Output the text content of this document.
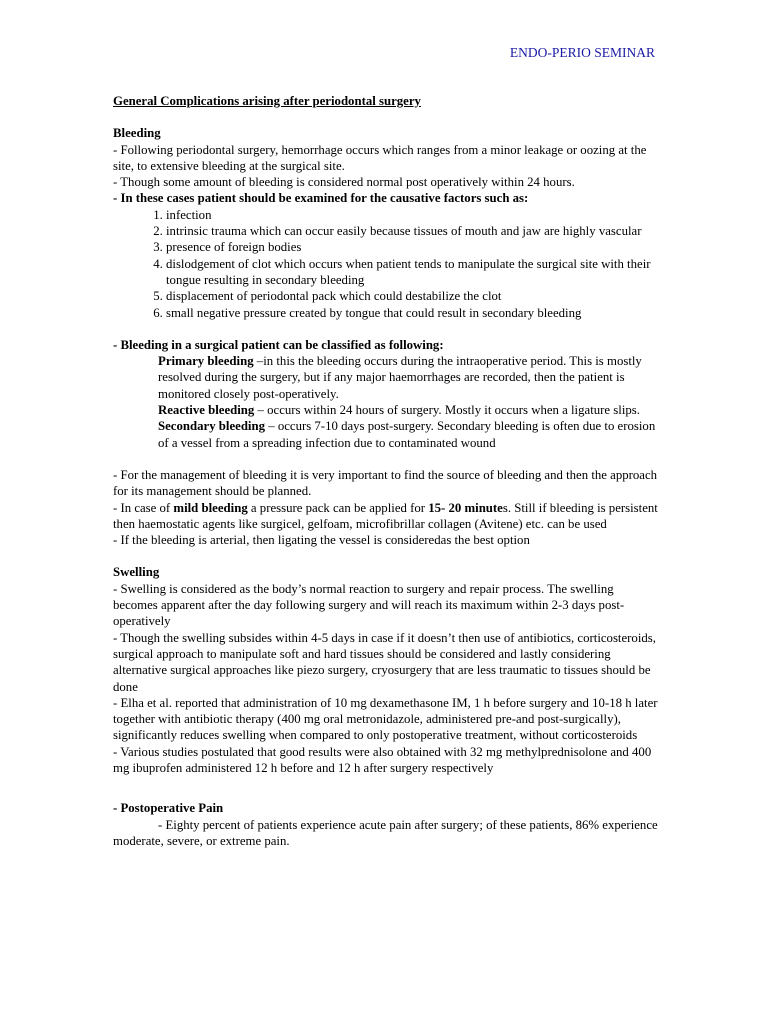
ENDO-PERIO SEMINAR
General Complications arising after periodontal surgery
Bleeding

- Following periodontal surgery, hemorrhage occurs which ranges from a minor leakage or oozing at the site, to extensive bleeding at the surgical site.

- Though some amount of bleeding is considered normal post operatively within 24 hours.

- In these cases patient should be examined for the causative factors such as:

1. infection
2. intrinsic trauma which can occur easily because tissues of mouth and jaw are highly vascular
3. presence of foreign bodies
4. dislodgement of clot which occurs when patient tends to manipulate the surgical site with their tongue resulting in secondary bleeding
5. displacement of periodontal pack which could destabilize the clot
6. small negative pressure created by tongue that could result in secondary bleeding

- Bleeding in a surgical patient can be classified as following:

Primary bleeding –in this the bleeding occurs during the intraoperative period. This is mostly resolved during the surgery, but if any major haemorrhages are recorded, then the patient is monitored closely post-operatively.

Reactive bleeding – occurs within 24 hours of surgery. Mostly it occurs when a ligature slips.

Secondary bleeding – occurs 7-10 days post-surgery. Secondary bleeding is often due to erosion of a vessel from a spreading infection due to contaminated wound

- For the management of bleeding it is very important to find the source of bleeding and then the approach for its management should be planned.

- In case of mild bleeding a pressure pack can be applied for 15- 20 minutes. Still if bleeding is persistent then haemostatic agents like surgicel, gelfoam, microfibrillar collagen (Avitene) etc. can be used

- If the bleeding is arterial, then ligating the vessel is consideredas the best option

Swelling

- Swelling is considered as the body’s normal reaction to surgery and repair process. The swelling becomes apparent after the day following surgery and will reach its maximum within 2-3 days post-operatively

- Though the swelling subsides within 4-5 days in case if it doesn’t then use of antibiotics, corticosteroids, surgical approach to manipulate soft and hard tissues should be considered and lastly considering alternative surgical approaches like piezo surgery, cryosurgery that are less traumatic to tissues should be done

- Elha et al. reported that administration of 10 mg dexamethasone IM, 1 h before surgery and 10-18 h later together with antibiotic therapy (400 mg oral metronidazole, administered pre-and post-surgically), significantly reduces swelling when compared to only postoperative treatment, without corticosteroids

- Various studies postulated that good results were also obtained with 32 mg methylprednisolone and 400 mg ibuprofen administered 12 h before and 12 h after surgery respectively

- Postoperative Pain

- Eighty percent of patients experience acute pain after surgery; of these patients, 86% experience moderate, severe, or extreme pain.
